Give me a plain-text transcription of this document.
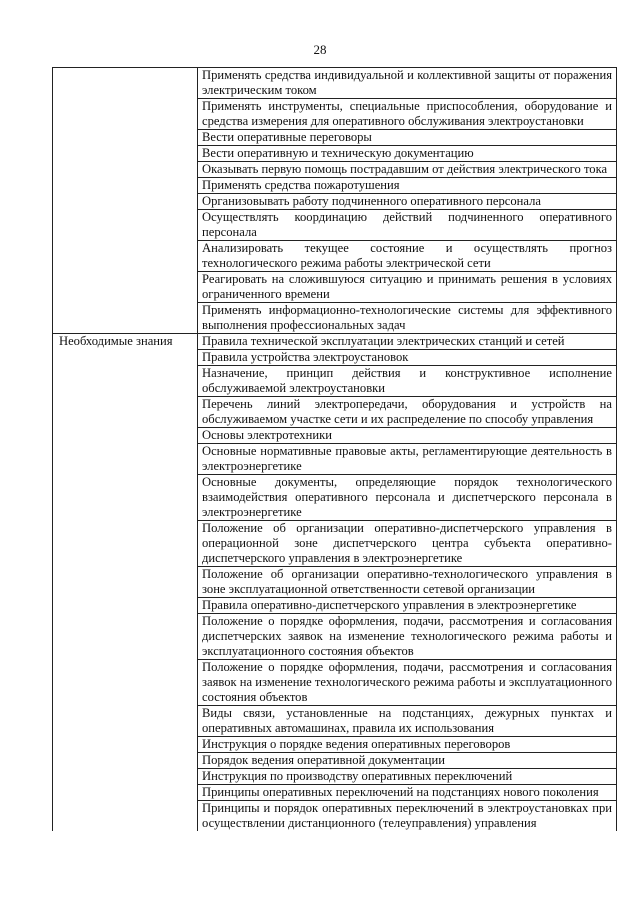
28
	Применять средства индивидуальной и коллективной защиты от поражения электрическим током
	Применять инструменты, специальные приспособления, оборудование и средства измерения для оперативного обслуживания электроустановки
	Вести оперативные переговоры
	Вести оперативную и техническую документацию
	Оказывать первую помощь пострадавшим от действия электрического тока
	Применять средства пожаротушения
	Организовывать работу подчиненного оперативного персонала
	Осуществлять координацию действий подчиненного оперативного персонала
	Анализировать текущее состояние и осуществлять прогноз технологического режима работы электрической сети
	Реагировать на сложившуюся ситуацию и принимать решения в условиях ограниченного времени
	Применять информационно-технологические системы для эффективного выполнения профессиональных задач
Необходимые знания	Правила технической эксплуатации электрических станций и сетей
	Правила устройства электроустановок
	Назначение, принцип действия и конструктивное исполнение обслуживаемой электроустановки
	Перечень линий электропередачи, оборудования и устройств на обслуживаемом участке сети и их распределение по способу управления
	Основы электротехники
	Основные нормативные правовые акты, регламентирующие деятельность в электроэнергетике
	Основные документы, определяющие порядок технологического взаимодействия оперативного персонала и диспетчерского персонала в электроэнергетике
	Положение об организации оперативно-диспетчерского управления в операционной зоне диспетчерского центра субъекта оперативно-диспетчерского управления в электроэнергетике
	Положение об организации оперативно-технологического управления в зоне эксплуатационной ответственности сетевой организации
	Правила оперативно-диспетчерского управления в электроэнергетике
	Положение о порядке оформления, подачи, рассмотрения и согласования диспетчерских заявок на изменение технологического режима работы и эксплуатационного состояния объектов
	Положение о порядке оформления, подачи, рассмотрения и согласования заявок на изменение технологического режима работы и эксплуатационного состояния объектов
	Виды связи, установленные на подстанциях, дежурных пунктах и оперативных автомашинах, правила их использования
	Инструкция о порядке ведения оперативных переговоров
	Порядок ведения оперативной документации
	Инструкция по производству оперативных переключений
	Принципы оперативных переключений на подстанциях нового поколения
	Принципы и порядок оперативных переключений в электроустановках при осуществлении дистанционного (телеуправления) управления
